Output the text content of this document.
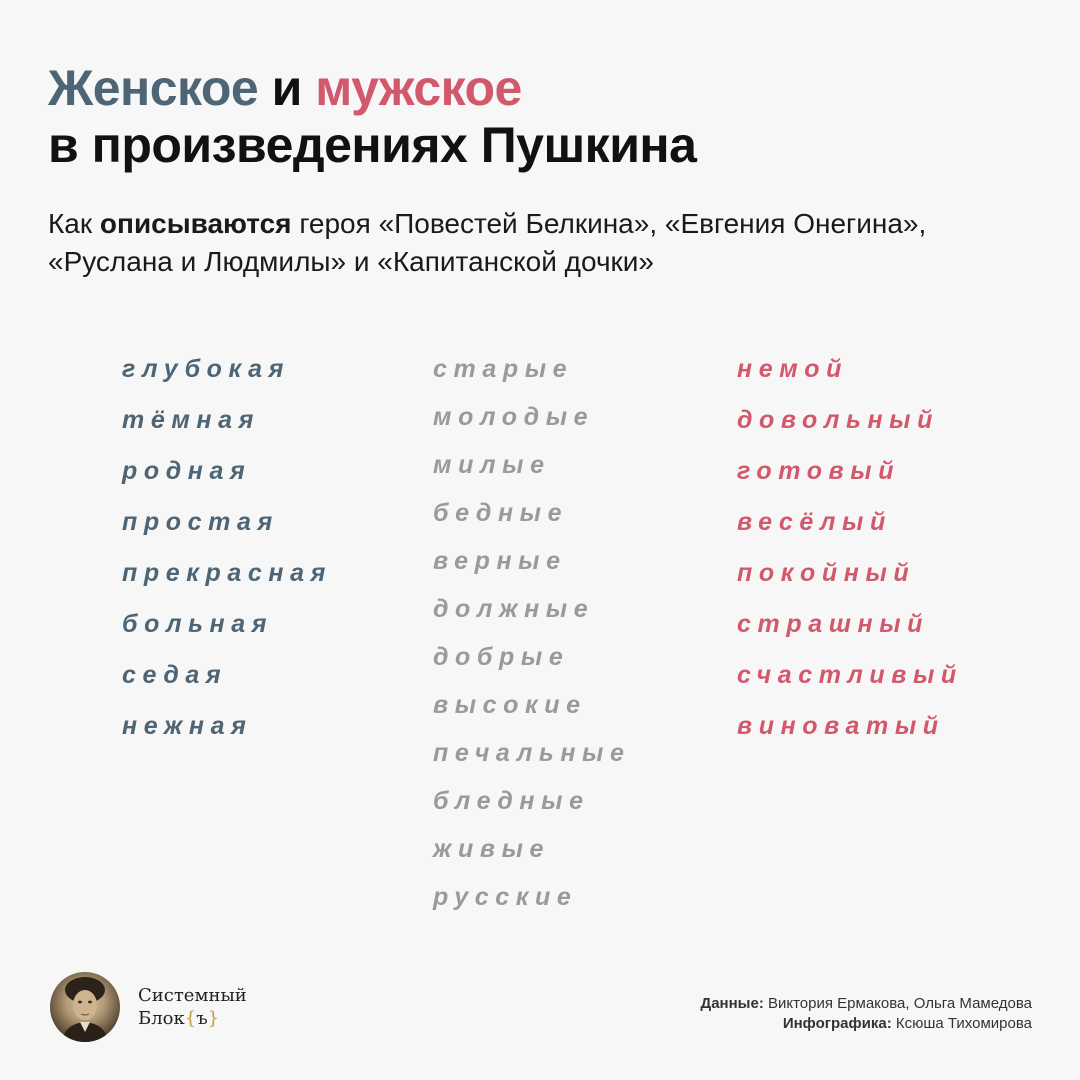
Женское и мужское
в произведениях Пушкина
Как описываются героя «Повестей Белкина», «Евгения Онегина», «Руслана и Людмилы» и «Капитанской дочки»
глубокая
тёмная
родная
простая
прекрасная
больная
седая
нежная
старые
молодые
милые
бедные
верные
должные
добрые
высокие
печальные
бледные
живые
русские
немой
довольный
готовый
весёлый
покойный
страшный
счастливый
виноватый
Системный
Блок{ъ}
Данные: Виктория Ермакова, Ольга Мамедова
Инфографика: Ксюша Тихомирова
